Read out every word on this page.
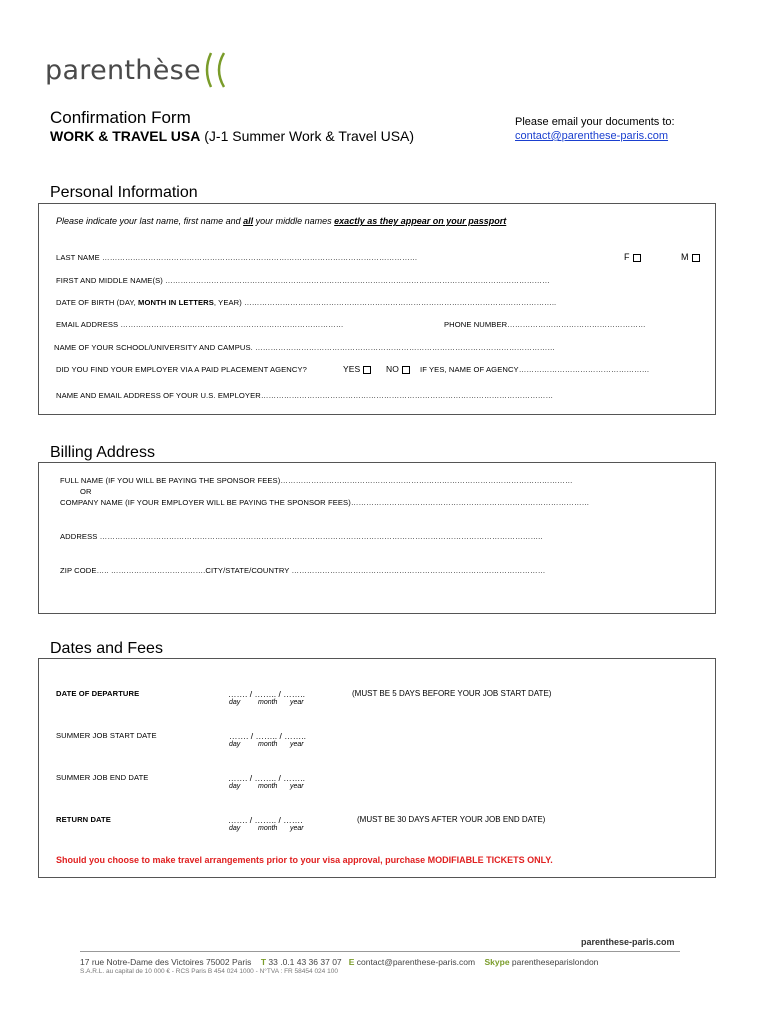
parenthèse
Confirmation Form
WORK & TRAVEL USA (J-1 Summer Work & Travel USA)
Please email your documents to:
contact@parenthese-paris.com
Personal Information
Please indicate your last name, first name and all your middle names exactly as they appear on your passport
LAST NAME ……………………………………………………………………………………………………………	F	M
FIRST AND MIDDLE NAME(S) ……………………………………………………………………………………………………………………………………
DATE OF BIRTH (DAY, MONTH IN LETTERS, YEAR) …………………………………………………………………………………………………………..
EMAIL ADDRESS ……………………………………………………………………………	PHONE NUMBER………………………………………………
NAME OF YOUR SCHOOL/UNIVERSITY AND CAMPUS. ………………………………………………………………………………………………………
DID YOU FIND YOUR EMPLOYER VIA A PAID PLACEMENT AGENCY?	YES	NO	IF YES, NAME OF AGENCY……………………………………………
NAME AND EMAIL ADDRESS OF YOUR U.S. EMPLOYER……………………………………………………………………………………………………
Billing Address
FULL NAME (IF YOU WILL BE PAYING THE SPONSOR FEES)……………………………………………………………………………………………………
OR
COMPANY NAME (IF YOUR EMPLOYER WILL BE PAYING THE SPONSOR FEES)…………………………………………………………………………………
ADDRESS ………………………………………………………………………………………………………………………………………………………..
ZIP CODE….. ……………………………….CITY/STATE/COUNTRY ………………………………………………………………………………………
Dates and Fees
DATE OF DEPARTURE	……. / …….. / ……..
day	month year
(MUST BE 5 DAYS BEFORE YOUR JOB START DATE)
SUMMER JOB START DATE	……. / …….. / ……..
day	month year
SUMMER JOB END DATE	……. / …….. / ……..
day	month year
RETURN DATE	……. / …….. / …….
day	month year
(MUST BE 30 DAYS AFTER YOUR JOB END DATE)
Should you choose to make travel arrangements prior to your visa approval, purchase MODIFIABLE TICKETS ONLY.
parenthese-paris.com
17 rue Notre-Dame des Victoires 75002 Paris T 33 .0.1 43 36 37 07 E contact@parenthese-paris.com Skype parentheseparislondon
S.A.R.L. au capital de 10 000 € - RCS Paris B 454 024 1000 - N°TVA : FR 58454 024 100
